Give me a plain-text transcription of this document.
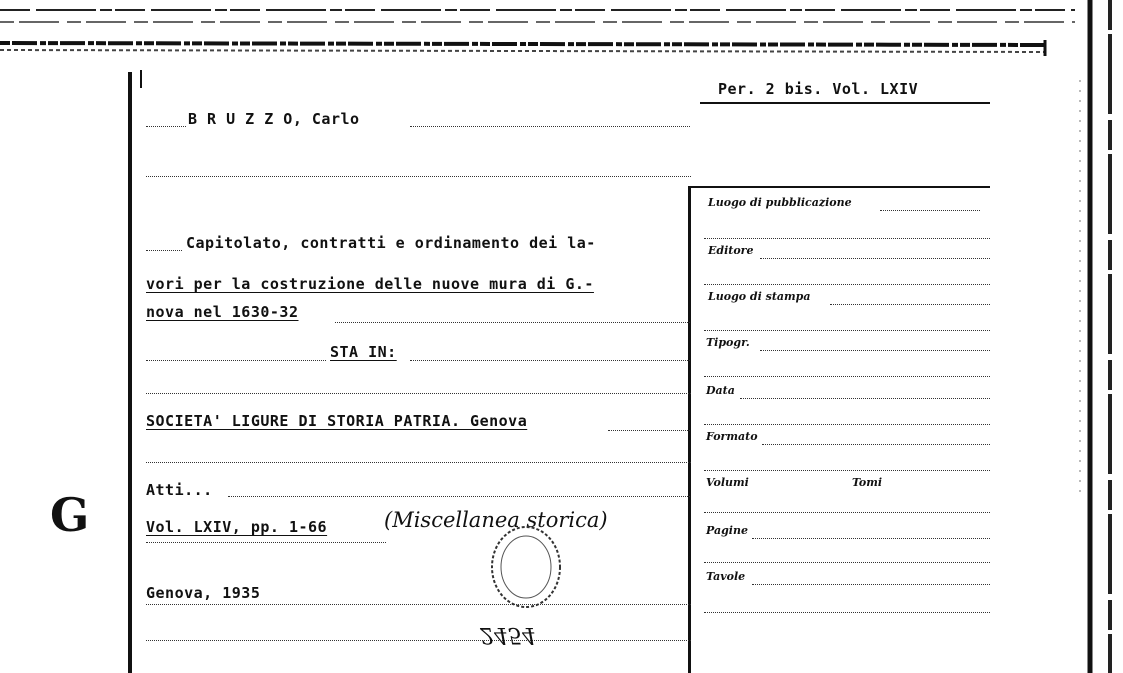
G
Per. 2 bis. Vol. LXIV
B R U Z Z O, Carlo
Capitolato, contratti e ordinamento dei la-
vori per la costruzione delle nuove mura di G.-
nova nel 1630-32
STA IN:
SOCIETA' LIGURE DI STORIA PATRIA. Genova
Atti...
Vol. LXIV, pp. 1-66	(Miscellanea storica)
Genova, 1935
2454
Luogo di pubblicazione
Editore
Luogo di stampa
Tipogr.
Data
Formato
Volumi	Tomi
Pagine
Tavole
